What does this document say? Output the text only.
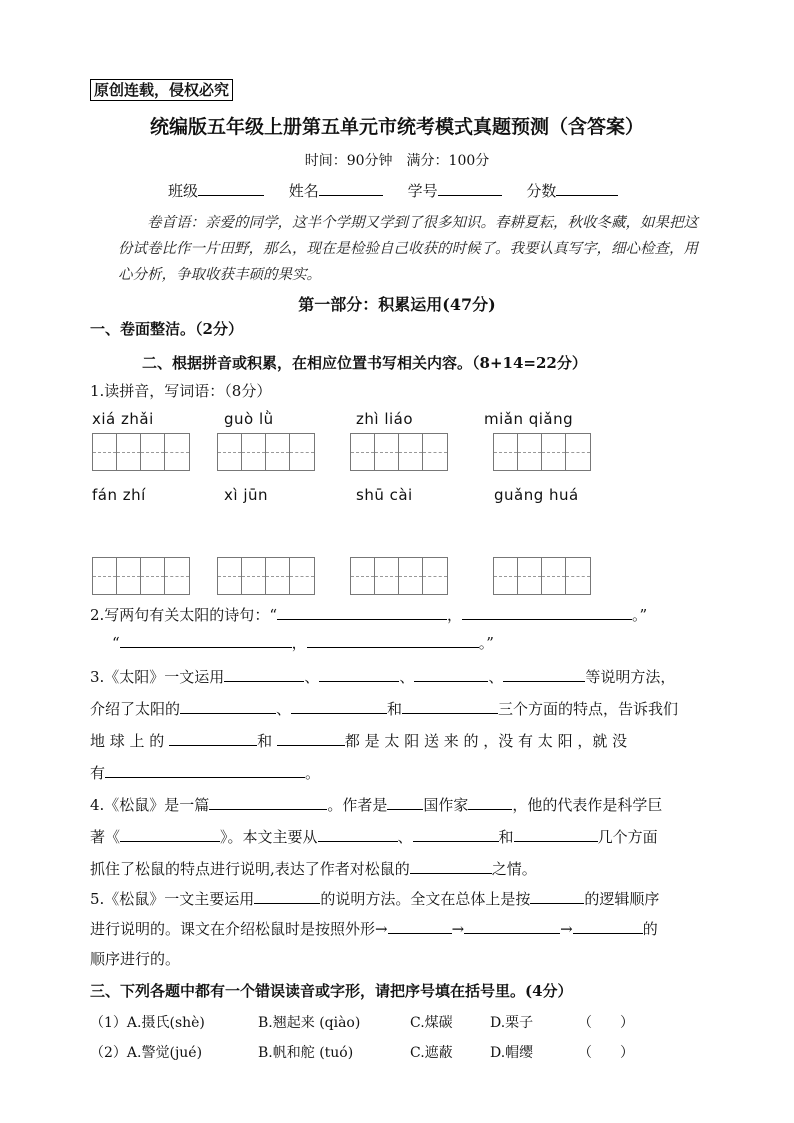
原创连载，侵权必究
统编版五年级上册第五单元市统考模式真题预测（含答案）
时间：90分钟　满分：100分
班级	姓名	学号	分数
卷首语：亲爱的同学，这半个学期又学到了很多知识。春耕夏耘，秋收冬藏，如果把这份试卷比作一片田野，那么，现在是检验自己收获的时候了。我要认真写字，细心检查，用心分析，争取收获丰硕的果实。
第一部分：积累运用(47分)
一、卷面整洁。（2分）
二、根据拼音或积累，在相应位置书写相关内容。（8+14=22分）
1.读拼音，写词语：（8分）
xiá zhǎi	guò lǜ	zhì liáo	miǎn qiǎng
fán zhí	xì jūn	shū cài	guǎng huá
2.写两句有关太阳的诗句：“	，	。”
“	，	。”
3.《太阳》一文运用	、	、	、	等说明方法，
介绍了太阳的	、	和	三个方面的特点，告诉我们
地 球 上 的	和	都 是 太 阳 送 来 的 ，没 有 太 阳 ，就 没
有	。
4.《松鼠》是一篇	。作者是 国作家	，他的代表作是科学巨
著《	》。本文主要从	、	和	几个方面
抓住了松鼠的特点进行说明,表达了作者对松鼠的	之情。
5.《松鼠》一文主要运用	的说明方法。全文在总体上是按	的逻辑顺序
进行说明的。课文在介绍松鼠时是按照外形→	→	→	的
顺序进行的。
三、下列各题中都有一个错误读音或字形，请把序号填在括号里。(4分）
（1）A.摄氏(shè)	B.翘起来 (qiào)	C.煤碳	D.栗子	（　　）
（2）A.警觉(jué)	B.帆和舵 (tuó)	C.遮蔽	D.帽缨	（　　）
